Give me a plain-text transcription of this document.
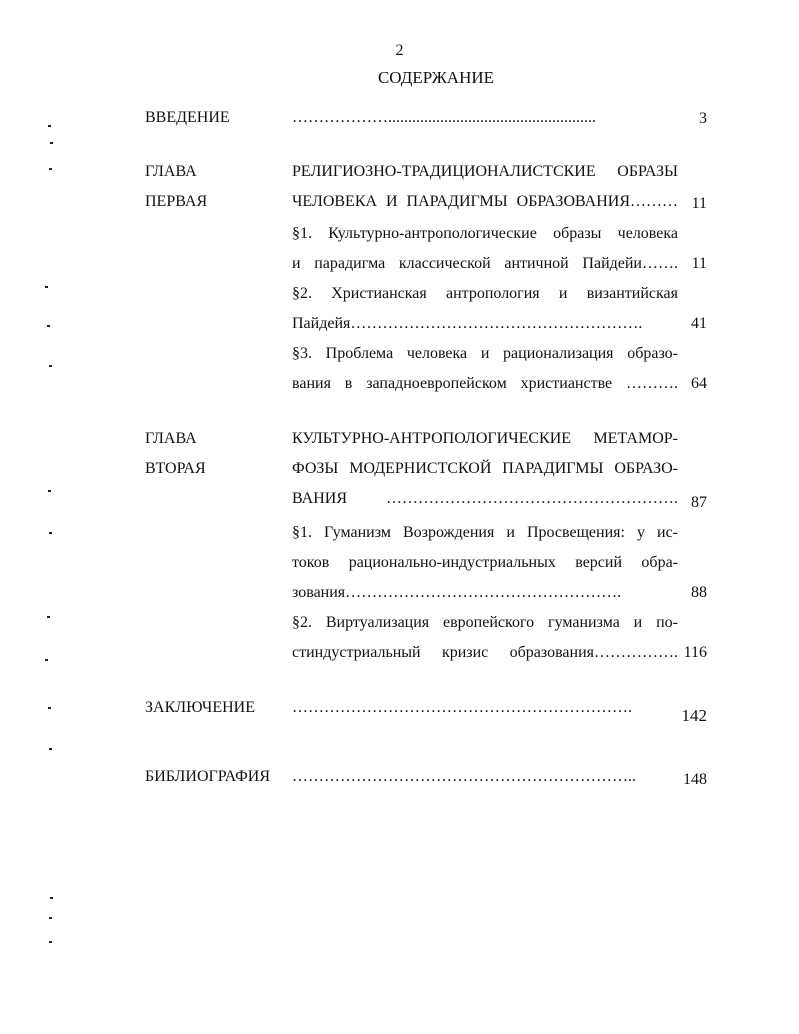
2
СОДЕРЖАНИЕ
ВВЕДЕНИЕ	………………....................................................	3
ГЛАВА
ПЕРВАЯ
РЕЛИГИОЗНО-ТРАДИЦИОНАЛИСТСКИЕ ОБРАЗЫ
ЧЕЛОВЕКА И ПАРАДИГМЫ ОБРАЗОВАНИЯ……… 11
§1. Культурно-антропологические образы человека
и парадигма классической античной Пайдейи……. 11
§2. Христианская антропология и византийская
Пайдейя……………………………………………….	41
§3. Проблема человека и рационализация образо-
вания в западноевропейском христианстве ………. 64
ГЛАВА
ВТОРАЯ
КУЛЬТУРНО-АНТРОПОЛОГИЧЕСКИЕ МЕТАМОР-
ФОЗЫ МОДЕРНИСТСКОЙ ПАРАДИГМЫ ОБРАЗО-
ВАНИЯ ………………………………………………. 87
§1. Гуманизм Возрождения и Просвещения: у ис-
токов рационально-индустриальных версий обра-
зования…………………………………………….	88
§2. Виртуализация европейского гуманизма и по-
стиндустриальный кризис образования……………. 116
ЗАКЛЮЧЕНИЕ ……………………………………………………….	142
БИБЛИОГРАФИЯ ………………………………………………………..	148
